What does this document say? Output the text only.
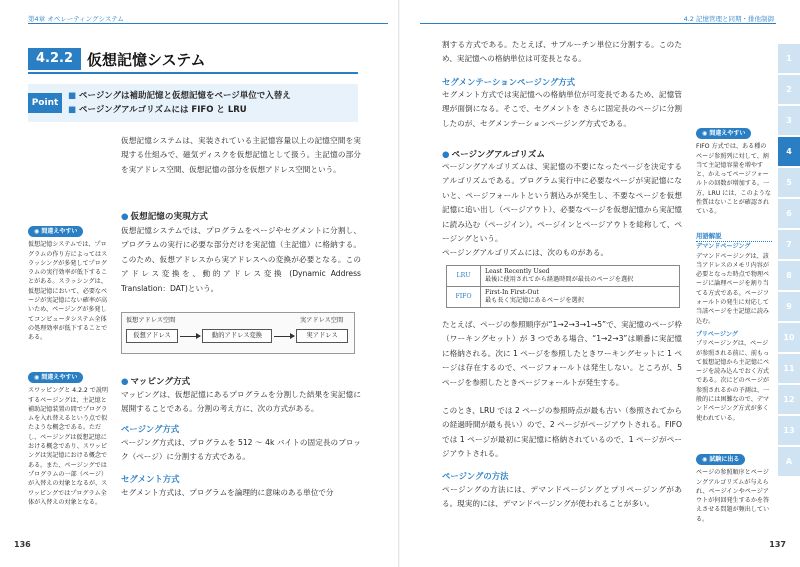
第4章 オペレーティングシステム
4.2.2 仮想記憶システム
Point
■ ページングは補助記憶と仮想記憶をページ単位で入替え
■ ページングアルゴリズムには FIFO と LRU
仮想記憶システムは、実装されている主記憶容量以上の記憶空間を実現する仕組みで、磁気ディスクを仮想記憶として扱う。主記憶の部分を実アドレス空間、仮想記憶の部分を仮想アドレス空間という。
● 仮想記憶の実現方式
仮想記憶システムでは、プログラムをページやセグメントに分割し、プログラムの実行に必要な部分だけを実記憶（主記憶）に格納する。このため、仮想アドレスから実アドレスへの変換が必要となる。このアドレス変換を、動的アドレス変換 (Dynamic Address Translation：DAT)という。
仮想アドレス空間	実アドレス空間
仮想アドレス	動的アドレス変換	実アドレス
● マッピング方式
マッピングは、仮想記憶にあるプログラムを分割した結果を実記憶に展開することである。分割の考え方に、次の方式がある。
ページング方式
ページング方式は、プログラムを 512 ～ 4k バイトの固定長のブロック（ページ）に分割する方式である。
セグメント方式
セグメント方式は、プログラムを論理的に意味のある単位で分
◉ 間違えやすい
仮想記憶システムでは、プログラムの作り方によってはスラッシングが多発してプログラムの実行効率が低下することがある。スラッシングは、仮想記憶において、必要なページが実記憶にない確率が高いため、ページングが多発してコンピュータシステム全体の処理効率が低下することである。
◉ 間違えやすい
スワッピングと 4.2.2 で説明するページングは、主記憶と補助記憶装置の間でプログラムを入れ替えるという点で似たような概念である。ただし、ページングは仮想記憶における概念であり、スワッピングは実記憶における概念である。また、ページングではプログラムの一部（ページ）が入替えの対象となるが、スワッピングではプログラム全体が入替えの対象となる。
136
4.2 記憶管理と同期・排他制御
割する方式である。たとえば、サブルーチン単位に分割する。このため、実記憶への格納単位は可変長となる。
セグメンテーションページング方式
セグメント方式では実記憶への格納単位が可変長であるため、記憶管理が面倒になる。そこで、セグメントを さらに固定長のページに分割したのが、セグメンテーションページング方式である。
● ページングアルゴリズム
ページングアルゴリズムは、実記憶の不要になったページを決定するアルゴリズムである。プログラム実行中に必要なページが実記憶にないと、ページフォールトという割込みが発生し、不要なページを仮想記憶に追い出し（ページアウト）、必要なページを仮想記憶から実記憶に読み込む（ページイン）。ページインとページアウトを総称して、ページングという。
ページングアルゴリズムには、次のものがある。
たとえば、ページの参照順序が“1→2→3→1→5”で、実記憶のページ枠（ワーキングセット）が 3 つである場合、“1→2→3”は順番に実記憶に格納される。次に 1 ページを参照したときワーキングセットに 1 ページは存在するので、ページフォールトは発生しない。ところが、5 ページを参照したときページフォールトが発生する。
このとき、LRU では 2 ページの参照時点が最も古い（参照されてから の経過時間が最も長い）ので、2 ページがページアウトされる。FIFO では 1 ページが最初に実記憶に格納されているので、1 ページがページアウトされる。
ページングの方法
ページングの方法には、デマンドページングとプリページングがある。現実的には、デマンドページングが使われることが多い。
◉ 間違えやすい
FIFO 方式では、ある種のページ参照列に対して、割当て主記憶容量を増やすと、かえってページフォールトの回数が増加する。一方、LRU には、このような性質はないことが確認されている。
用語解説
デマンドページング
デマンドページングは、該当アドレスのメモリ内容が必要となった時点で物理ページに論理ページを割り当てる方式である。ページフォールトの発生に対応して当該ページを主記憶に読み込む。
プリページング
プリページングは、ページが参照される前に、前もって仮想記憶から主記憶にページを読み込んでおく方式である。次にどのページが参照されるかの予測は、一般的には困難なので、デマンドページング方式が多く使われている。
◉ 試験に出る
ページの参照順序とページングアルゴリズムが与えられ、ページインやページアウトが何回発生するかを答えさせる問題が頻出している。
1
2
3
4
5
6
7
8
9
10
11
12
13
A
137
LRU	Least Recently Used
最後に使用されてから経過時間が最長のページを選択

FIFO	First-In First-Out
最も長く実記憶にあるページを選択
